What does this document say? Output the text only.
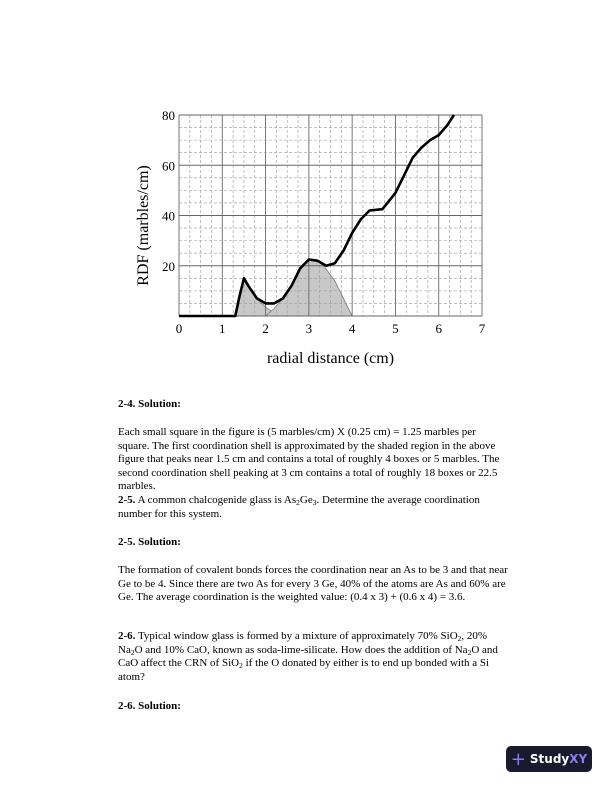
0	1	2	3	4	5	6	7
20
40
60
80
radial distance (cm)
RDF (marbles/cm)
2-4. Solution:
Each small square in the figure is (5 marbles/cm) X (0.25 cm) = 1.25 marbles per square. The first coordination shell is approximated by the shaded region in the above figure that peaks near 1.5 cm and contains a total of roughly 4 boxes or 5 marbles. The second coordination shell peaking at 3 cm contains a total of roughly 18 boxes or 22.5 marbles.
2-5. A common chalcogenide glass is $As_2Ge_3$. Determine the average coordination number for this system.
2-5. Solution:
The formation of covalent bonds forces the coordination near an As to be 3 and that near Ge to be 4. Since there are two As for every 3 Ge, 40% of the atoms are As and 60% are Ge. The average coordination is the weighted value: (0.4 x 3) + (0.6 x 4) = 3.6.
2-6. Typical window glass is formed by a mixture of approximately 70% SiO$_2$, 20% $Na_2O$ and 10% CaO, known as soda-lime-silicate. How does the addition of $Na_2O$ and CaO affect the CRN of SiO$_2$ if the O donated by either is to end up bonded with a Si atom?
2-6. Solution:
+ StudyXY
